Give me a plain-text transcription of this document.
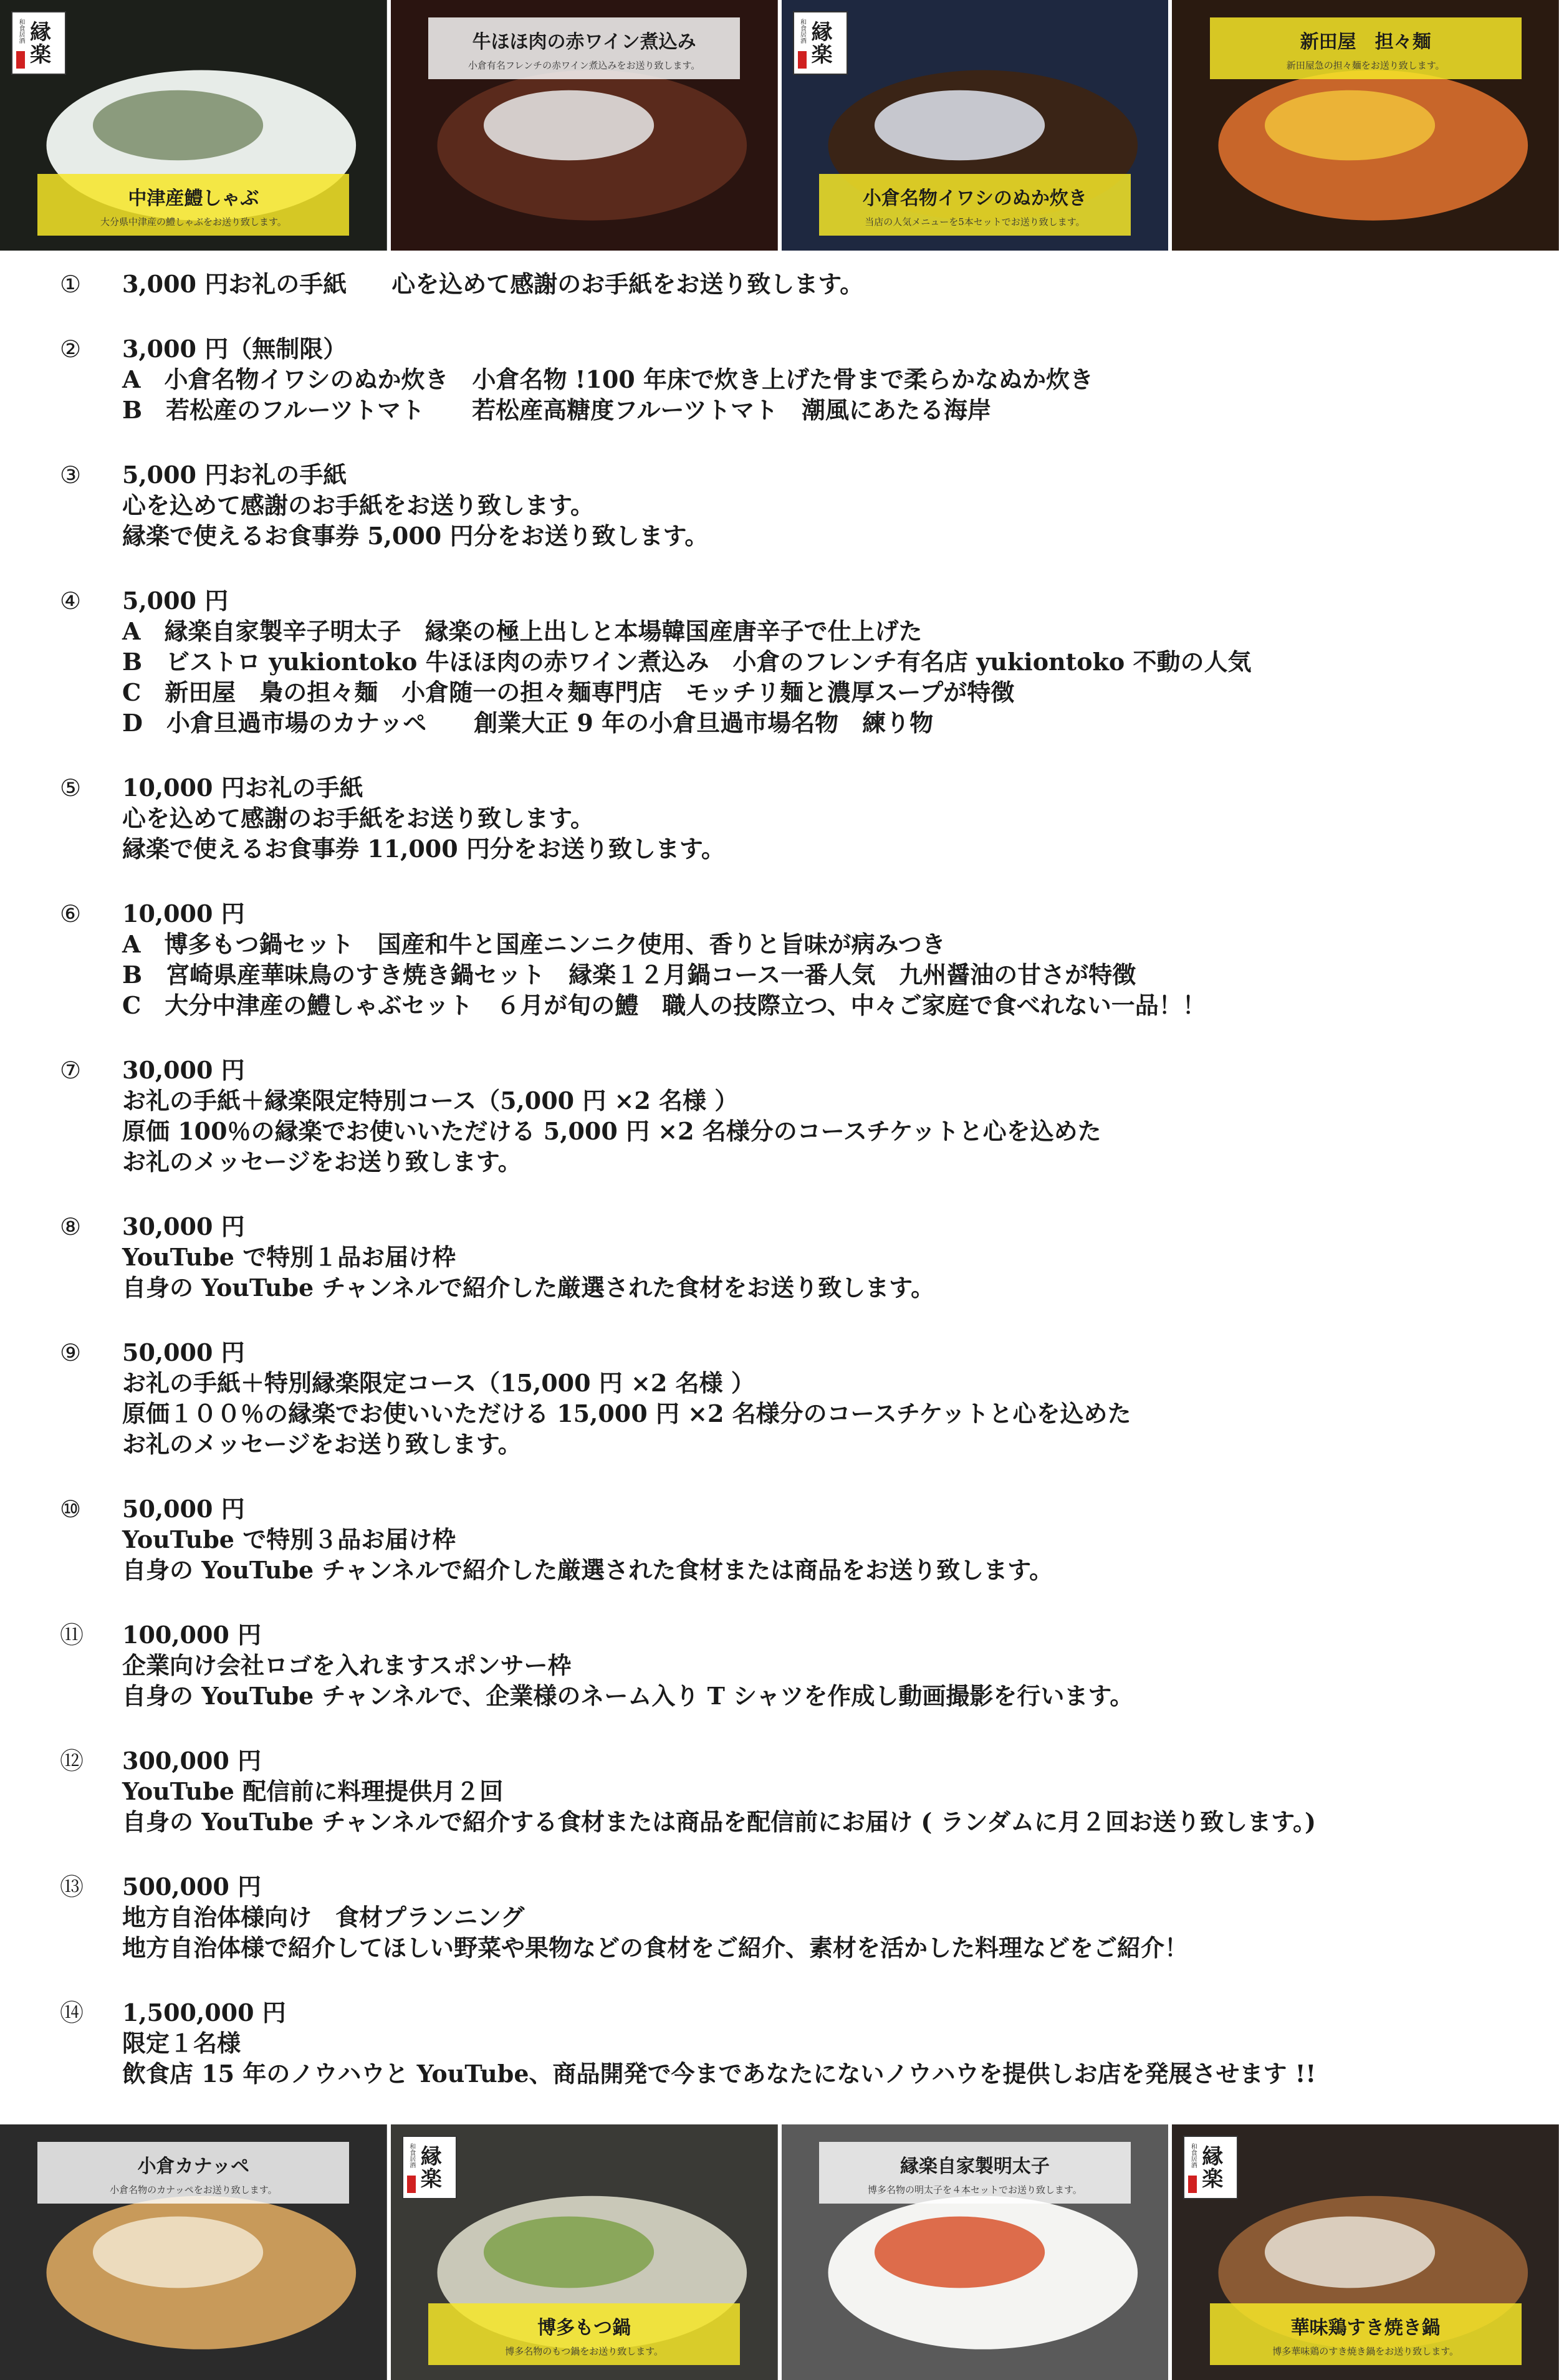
和食居酒 縁楽
中津産鱧しゃぶ
大分県中津産の鱧しゃぶをお送り致します。
牛ほほ肉の赤ワイン煮込み
小倉有名フレンチの赤ワイン煮込みをお送り致します。
和食居酒 縁楽
小倉名物イワシのぬか炊き
当店の人気メニューを5本セットでお送り致します。
新田屋　担々麺
新田屋急の担々麺をお送り致します。
① 3,000 円お礼の手紙 心を込めて感謝のお手紙をお送り致します。
② 3,000 円（無制限）
A　小倉名物イワシのぬか炊き　小倉名物 !100 年床で炊き上げた骨まで柔らかなぬか炊き
B　若松産のフルーツトマト　　若松産高糖度フルーツトマト　潮風にあたる海岸
③ 5,000 円お礼の手紙
心を込めて感謝のお手紙をお送り致します。
縁楽で使えるお食事券 5,000 円分をお送り致します。
④ 5,000 円
A　縁楽自家製辛子明太子　縁楽の極上出しと本場韓国産唐辛子で仕上げた
B　ビストロ yukiontoko 牛ほほ肉の赤ワイン煮込み　小倉のフレンチ有名店 yukiontoko 不動の人気
C　新田屋　梟の担々麺　小倉随一の担々麺専門店　モッチリ麺と濃厚スープが特徴
D　小倉旦過市場のカナッペ　　創業大正 9 年の小倉旦過市場名物　練り物
⑤ 10,000 円お礼の手紙
心を込めて感謝のお手紙をお送り致します。
縁楽で使えるお食事券 11,000 円分をお送り致します。
⑥ 10,000 円
A　博多もつ鍋セット　国産和牛と国産ニンニク使用、香りと旨味が病みつき
B　宮崎県産華味鳥のすき焼き鍋セット　縁楽１２月鍋コース一番人気　九州醤油の甘さが特徴
C　大分中津産の鱧しゃぶセット　６月が旬の鱧　職人の技際立つ、中々ご家庭で食べれない一品！！
⑦ 30,000 円
お礼の手紙＋縁楽限定特別コース（5,000 円 ×2 名様 ）
原価 100％の縁楽でお使いいただける 5,000 円 ×2 名様分のコースチケットと心を込めた
お礼のメッセージをお送り致します。
⑧ 30,000 円
YouTube で特別１品お届け枠
自身の YouTube チャンネルで紹介した厳選された食材をお送り致します。
⑨ 50,000 円
お礼の手紙＋特別縁楽限定コース（15,000 円 ×2 名様 ）
原価１００％の縁楽でお使いいただける 15,000 円 ×2 名様分のコースチケットと心を込めた
お礼のメッセージをお送り致します。
⑩ 50,000 円
YouTube で特別３品お届け枠
自身の YouTube チャンネルで紹介した厳選された食材または商品をお送り致します。
⑪ 100,000 円
企業向け会社ロゴを入れますスポンサー枠
自身の YouTube チャンネルで、企業様のネーム入り T シャツを作成し動画撮影を行います。
⑫ 300,000 円
YouTube 配信前に料理提供月２回
自身の YouTube チャンネルで紹介する食材または商品を配信前にお届け ( ランダムに月２回お送り致します。)
⑬ 500,000 円
地方自治体様向け　食材プランニング
地方自治体様で紹介してほしい野菜や果物などの食材をご紹介、素材を活かした料理などをご紹介！
⑭ 1,500,000 円
限定１名様
飲食店 15 年のノウハウと YouTube、商品開発で今まであなたにないノウハウを提供しお店を発展させます !!
小倉カナッペ
小倉名物のカナッペをお送り致します。
和食居酒 縁楽
博多もつ鍋
博多名物のもつ鍋をお送り致します。
縁楽自家製明太子
博多名物の明太子を４本セットでお送り致します。
和食居酒 縁楽
華味鶏すき焼き鍋
博多華味鶏のすき焼き鍋をお送り致します。
